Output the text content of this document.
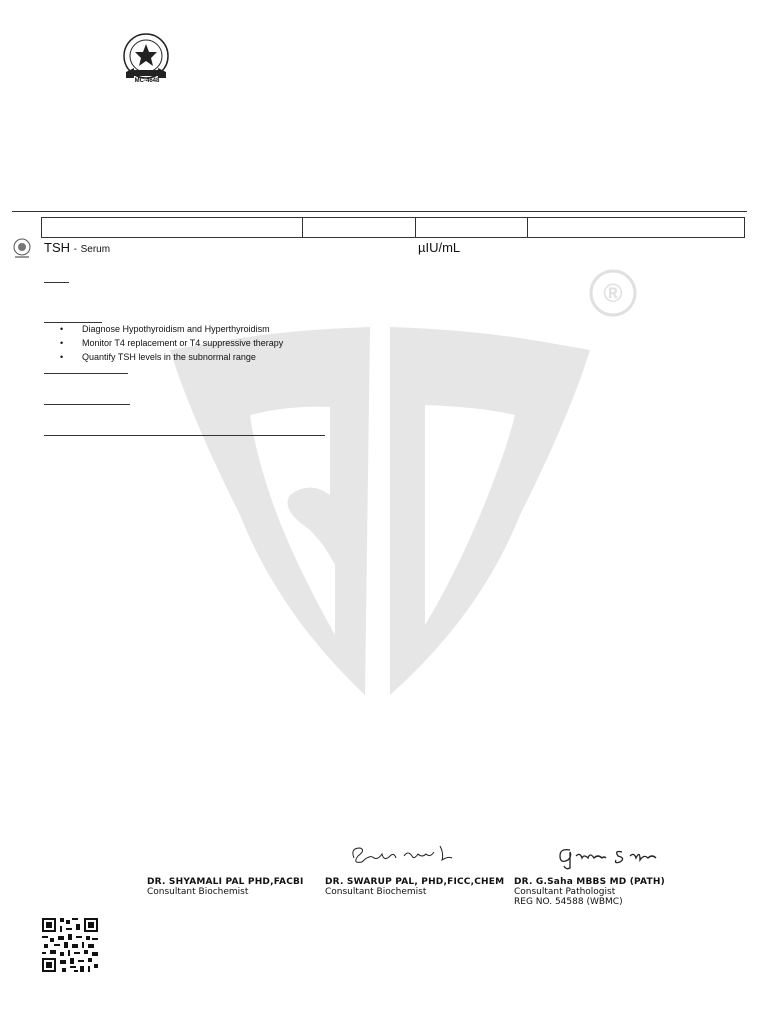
®
MC-4648
TSH - Serum	µIU/mL
• Diagnose Hypothyroidism and Hyperthyroidism
• Monitor T4 replacement or T4 suppressive therapy
• Quantify TSH levels in the subnormal range
DR. SHYAMALI PAL PHD,FACBI
Consultant Biochemist
DR. SWARUP PAL, PHD,FICC,CHEM
Consultant Biochemist
DR. G.Saha MBBS MD (PATH)
Consultant Pathologist
REG NO. 54588 (WBMC)
